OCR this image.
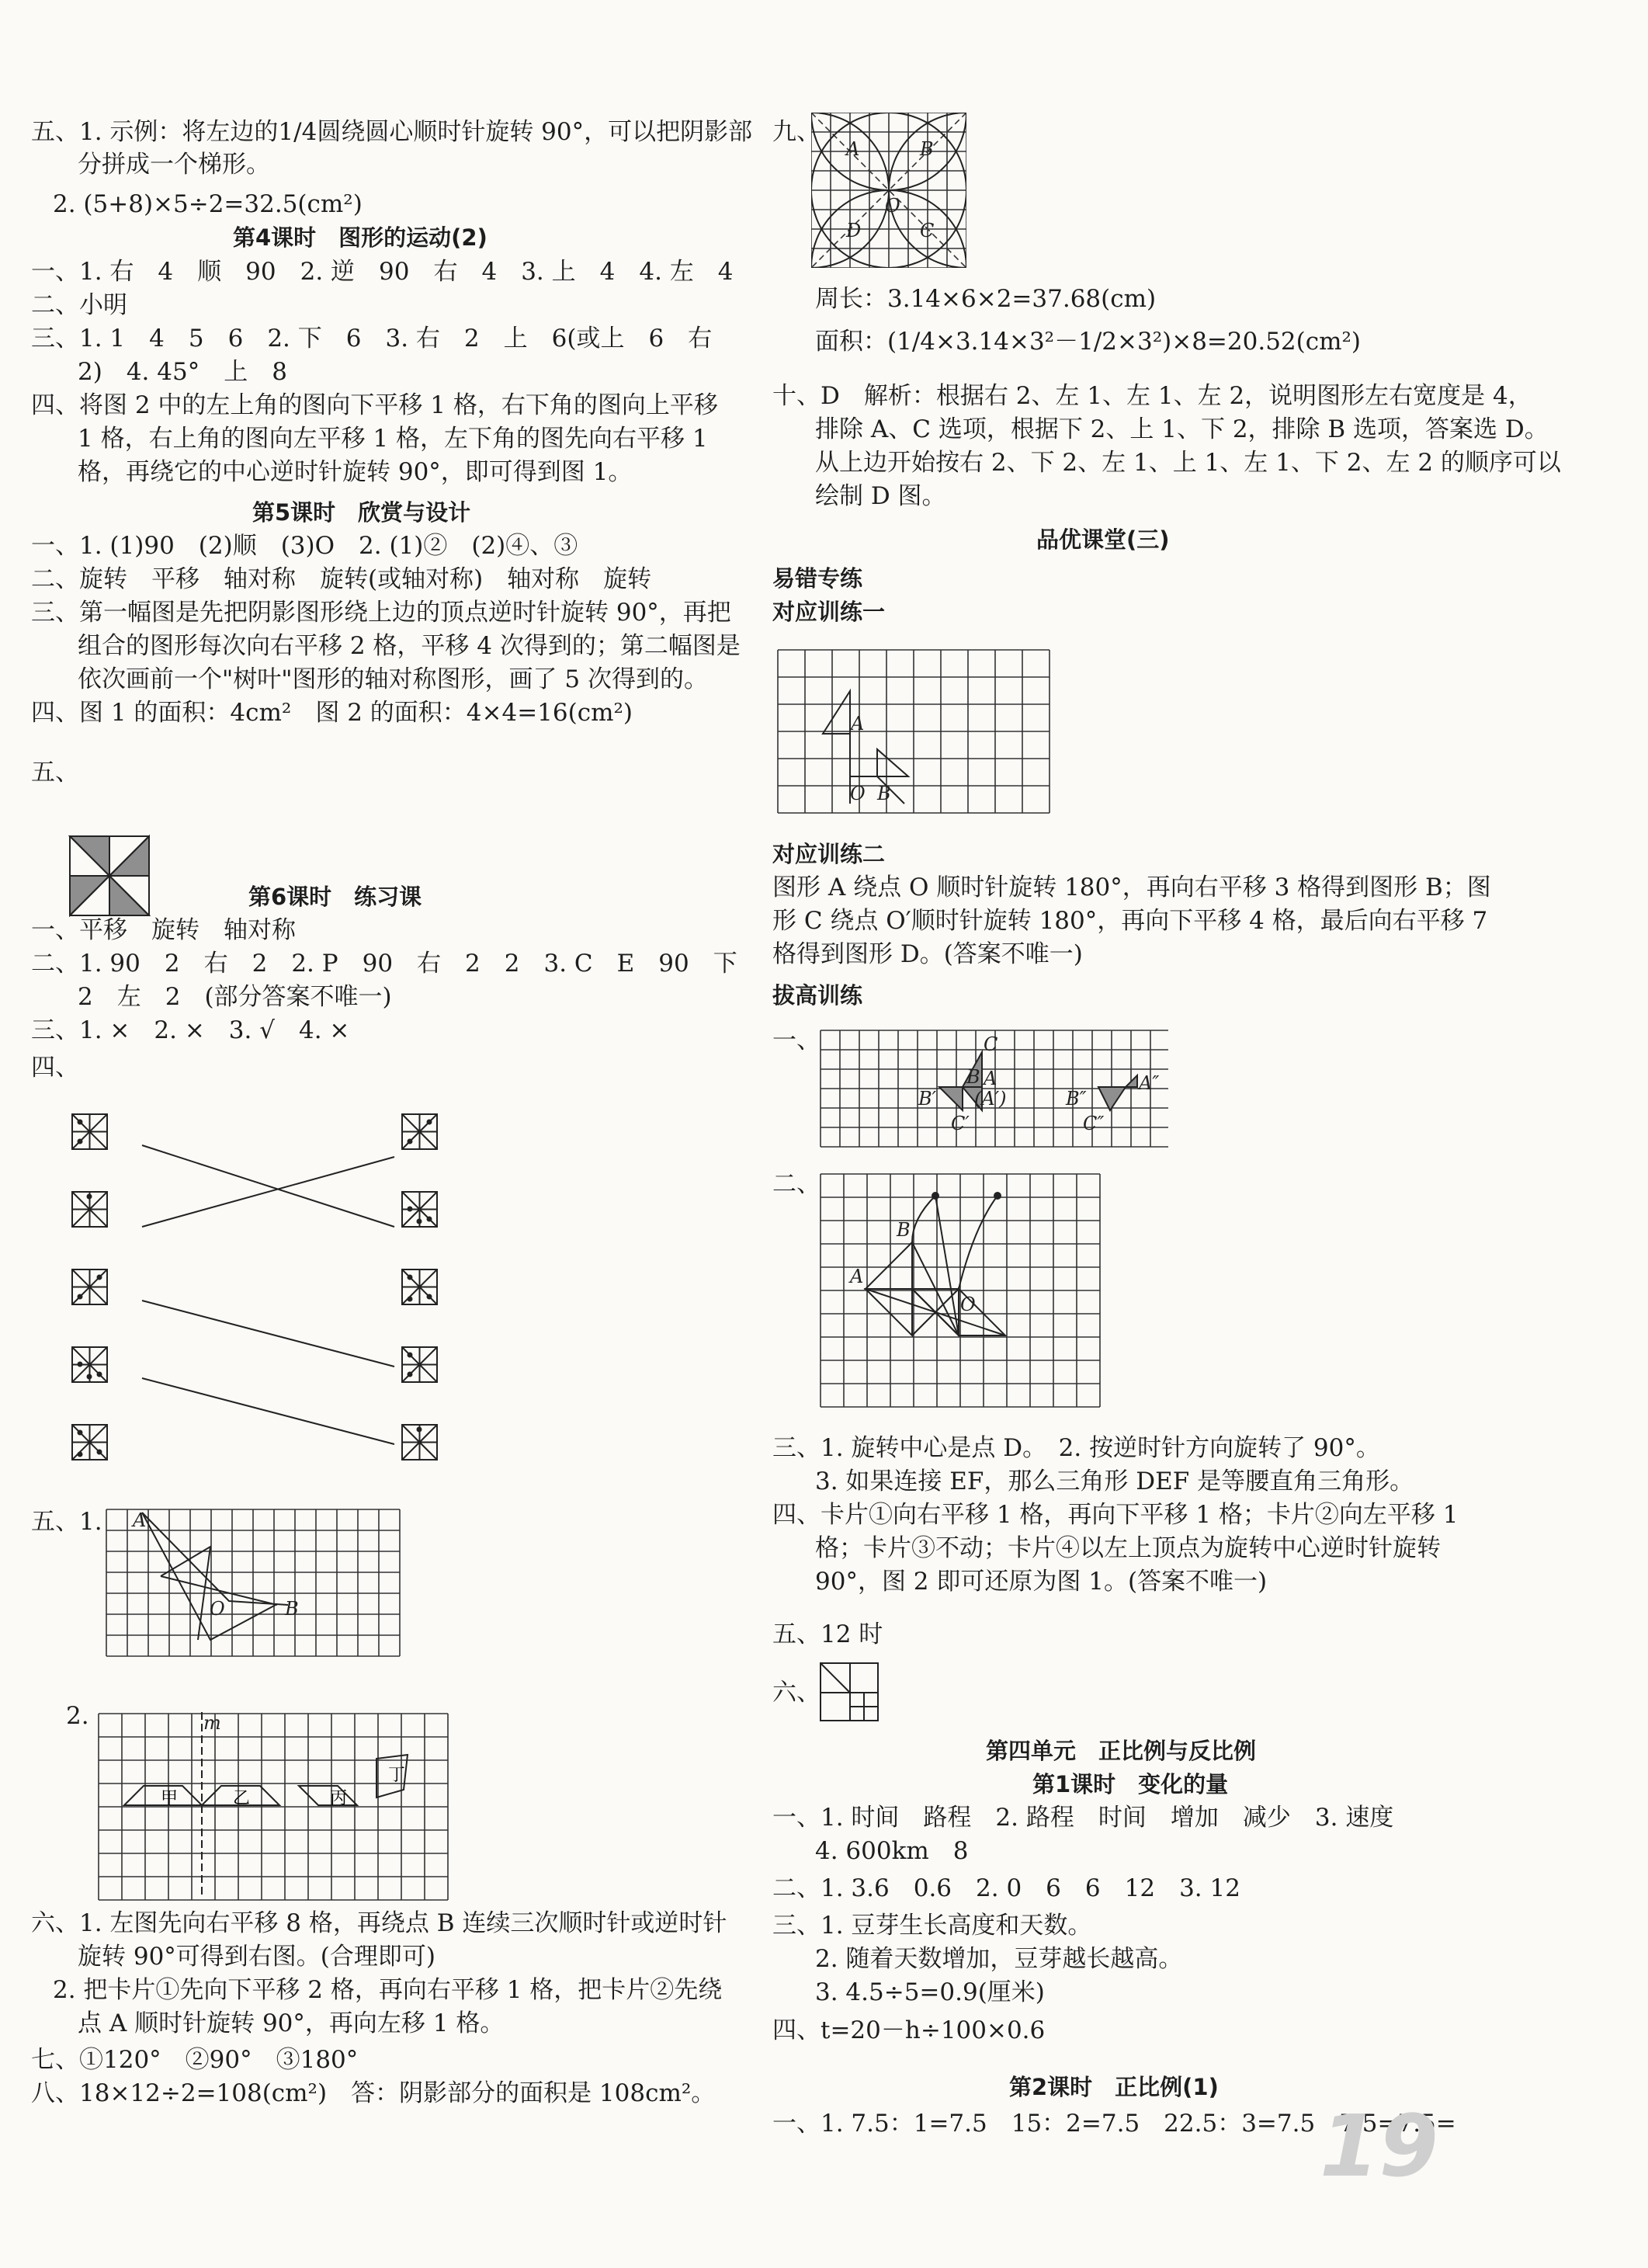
五、1. 示例：将左边的1/4圆绕圆心顺时针旋转 90°，可以把阴影部
分拼成一个梯形。
2. (5+8)×5÷2=32.5(cm²)
第4课时　图形的运动(2)
一、1. 右　4　顺　90　2. 逆　90　右　4　3. 上　4　4. 左　4
二、小明
三、1. 1　4　5　6　2. 下　6　3. 右　2　上　6(或上　6　右
2)　4. 45°　上　8
四、将图 2 中的左上角的图向下平移 1 格，右下角的图向上平移
1 格，右上角的图向左平移 1 格，左下角的图先向右平移 1
格，再绕它的中心逆时针旋转 90°，即可得到图 1。
第5课时　欣赏与设计
一、1. (1)90　(2)顺　(3)O　2. (1)②　(2)④、③
二、旋转　平移　轴对称　旋转(或轴对称)　轴对称　旋转
三、第一幅图是先把阴影图形绕上边的顶点逆时针旋转 90°，再把
组合的图形每次向右平移 2 格，平移 4 次得到的；第二幅图是
依次画前一个"树叶"图形的轴对称图形，画了 5 次得到的。
四、图 1 的面积：4cm²　图 2 的面积：4×4=16(cm²)
五、
第6课时　练习课
一、平移　旋转　轴对称
二、1. 90　2　右　2　2. P　90　右　2　2　3. C　E　90　下
2　左　2　(部分答案不唯一)
三、1. ×　2. ×　3. √　4. ×
四、
五、1.
2.
六、1. 左图先向右平移 8 格，再绕点 B 连续三次顺时针或逆时针
旋转 90°可得到右图。(合理即可)
2. 把卡片①先向下平移 2 格，再向右平移 1 格，把卡片②先绕
点 A 顺时针旋转 90°，再向左移 1 格。
七、①120°　②90°　③180°
八、18×12÷2=108(cm²)　答：阴影部分的面积是 108cm²。
九、
周长：3.14×6×2=37.68(cm)
面积：(1/4×3.14×3²－1/2×3²)×8=20.52(cm²)
十、D　解析：根据右 2、左 1、左 1、左 2，说明图形左右宽度是 4，
排除 A、C 选项，根据下 2、上 1、下 2，排除 B 选项，答案选 D。
从上边开始按右 2、下 2、左 1、上 1、左 1、下 2、左 2 的顺序可以
绘制 D 图。
品优课堂(三)
易错专练
对应训练一
对应训练二
图形 A 绕点 O 顺时针旋转 180°，再向右平移 3 格得到图形 B；图
形 C 绕点 O′顺时针旋转 180°，再向下平移 4 格，最后向右平移 7
格得到图形 D。(答案不唯一)
拔高训练
一、
二、
三、1. 旋转中心是点 D。　2. 按逆时针方向旋转了 90°。
3. 如果连接 EF，那么三角形 DEF 是等腰直角三角形。
四、卡片①向右平移 1 格，再向下平移 1 格；卡片②向左平移 1
格；卡片③不动；卡片④以左上顶点为旋转中心逆时针旋转
90°，图 2 即可还原为图 1。(答案不唯一)
五、12 时
六、
第四单元　正比例与反比例
第1课时　变化的量
一、1. 时间　路程　2. 路程　时间　增加　减少　3. 速度
4. 600km　8
二、1. 3.6　0.6　2. 0　6　6　12　3. 12
三、1. 豆芽生长高度和天数。
2. 随着天数增加，豆芽越长越高。
3. 4.5÷5=0.9(厘米)
四、t=20－h÷100×0.6
第2课时　正比例(1)
一、1. 7.5：1=7.5　15：2=7.5　22.5：3=7.5　7.5=7.5=
A
O	B
m
甲	乙	丙
丁
A	B
C
D
O
A
B
O
C
B A
B′ (A′)
C′
B″
A″
C″
B
A
O
19
